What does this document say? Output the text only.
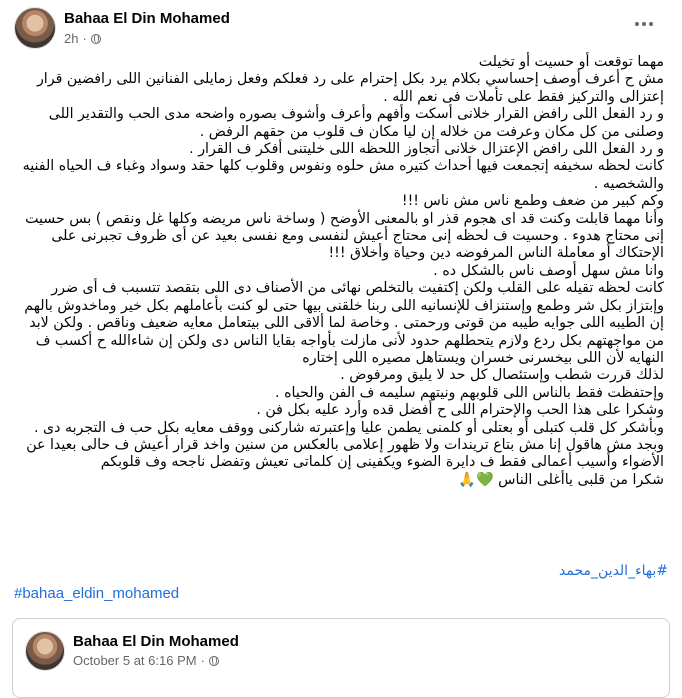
Bahaa El Din Mohamed
2h ·

مهما توقعت أو حسيت أو تخيلت

مش ح أعرف أوصف إحساسي بكلام يرد بكل إحترام على رد فعلكم وفعل زمايلى الفنانين اللى رافضين قرار إعتزالى والتركيز فقط على تأملات فى نعم الله .

و رد الفعل اللى رافض القرار خلانى أسكت وأفهم وأعرف وأشوف بصوره واضحه مدى الحب والتقدير اللى وصلنى من كل مكان وعرفت من خلاله إن ليا مكان ف قلوب من حقهم الرفض .

و رد الفعل اللى رافض الإعتزال خلانى أتجاوز اللحظه اللى خليتنى أفكر ف القرار .

كانت لحظه سخيفه إتجمعت فيها أحداث كتيره مش حلوه ونفوس وقلوب كلها حقد وسواد وغباء ف الحياه الفنيه والشخصيه .

وكم كبير من ضعف وطمع ناس مش ناس !!!

وأنا مهما قابلت وكنت قد اى هجوم قذر او بالمعنى الأوضح ( وساخة ناس مريضه وكلها غل ونقص ) بس حسيت إنى محتاج هدوء . وحسيت ف لحظه إنى محتاج أعيش لنفسى ومع نفسى بعيد عن أى ظروف تجبرنى على الإحتكاك أو معاملة الناس المرفوضه دين وحياة وأخلاق !!!

وانا مش سهل أوصف ناس بالشكل ده .

كانت لحظه تقيله على القلب ولكن إكتفيت بالتخلص نهائى من الأصناف دى اللى بتقصد تتسبب ف أى ضرر وإبتزاز بكل شر وطمع وإستنزاف للإنسانيه اللى ربنا خلقنى بيها حتى لو كنت بأعاملهم بكل خير وماخدوش بالهم إن الطيبه اللى جوايه طيبه من قوتى ورحمتى . وخاصة لما ألاقى اللى بيتعامل معايه ضعيف وناقص . ولكن لابد من مواجهتهم بكل ردع ولازم يتحطلهم حدود لأنى مازلت بأواجه بقايا الناس دى ولكن إن شاءالله ح أكسب ف النهايه لأن اللى بيخسرنى خسران ويستاهل مصيره اللى إختاره

لذلك قررت شطب وإستئصال كل حد لا يليق ومرفوض .

وإحتفظت فقط بالناس اللى قلوبهم ونيتهم سليمه ف الفن والحياه .

وشكرا على هذا الحب والإحترام اللى ح أفضل قده وأرد عليه بكل فن .

وبأشكر كل قلب كتبلى أو بعتلى أو كلمنى يطمن عليا وإعتبرته شاركنى ووقف معايه بكل حب ف التجربه دى .

وبجد مش هاقول إنا مش بتاع تريندات ولا ظهور إعلامى بالعكس من سنين واخد قرار أعيش ف حالى بعيدا عن الأضواء وأسيب أعمالى فقط ف دايرة الضوء ويكفينى إن كلماتى تعيش وتفضل ناجحه وف قلوبكم

شكرا من قلبى ياأغلى الناس 💚🙏

#بهاء_الدين_محمد
#bahaa_eldin_mohamed
Bahaa El Din Mohamed
October 5 at 6:16 PM ·
